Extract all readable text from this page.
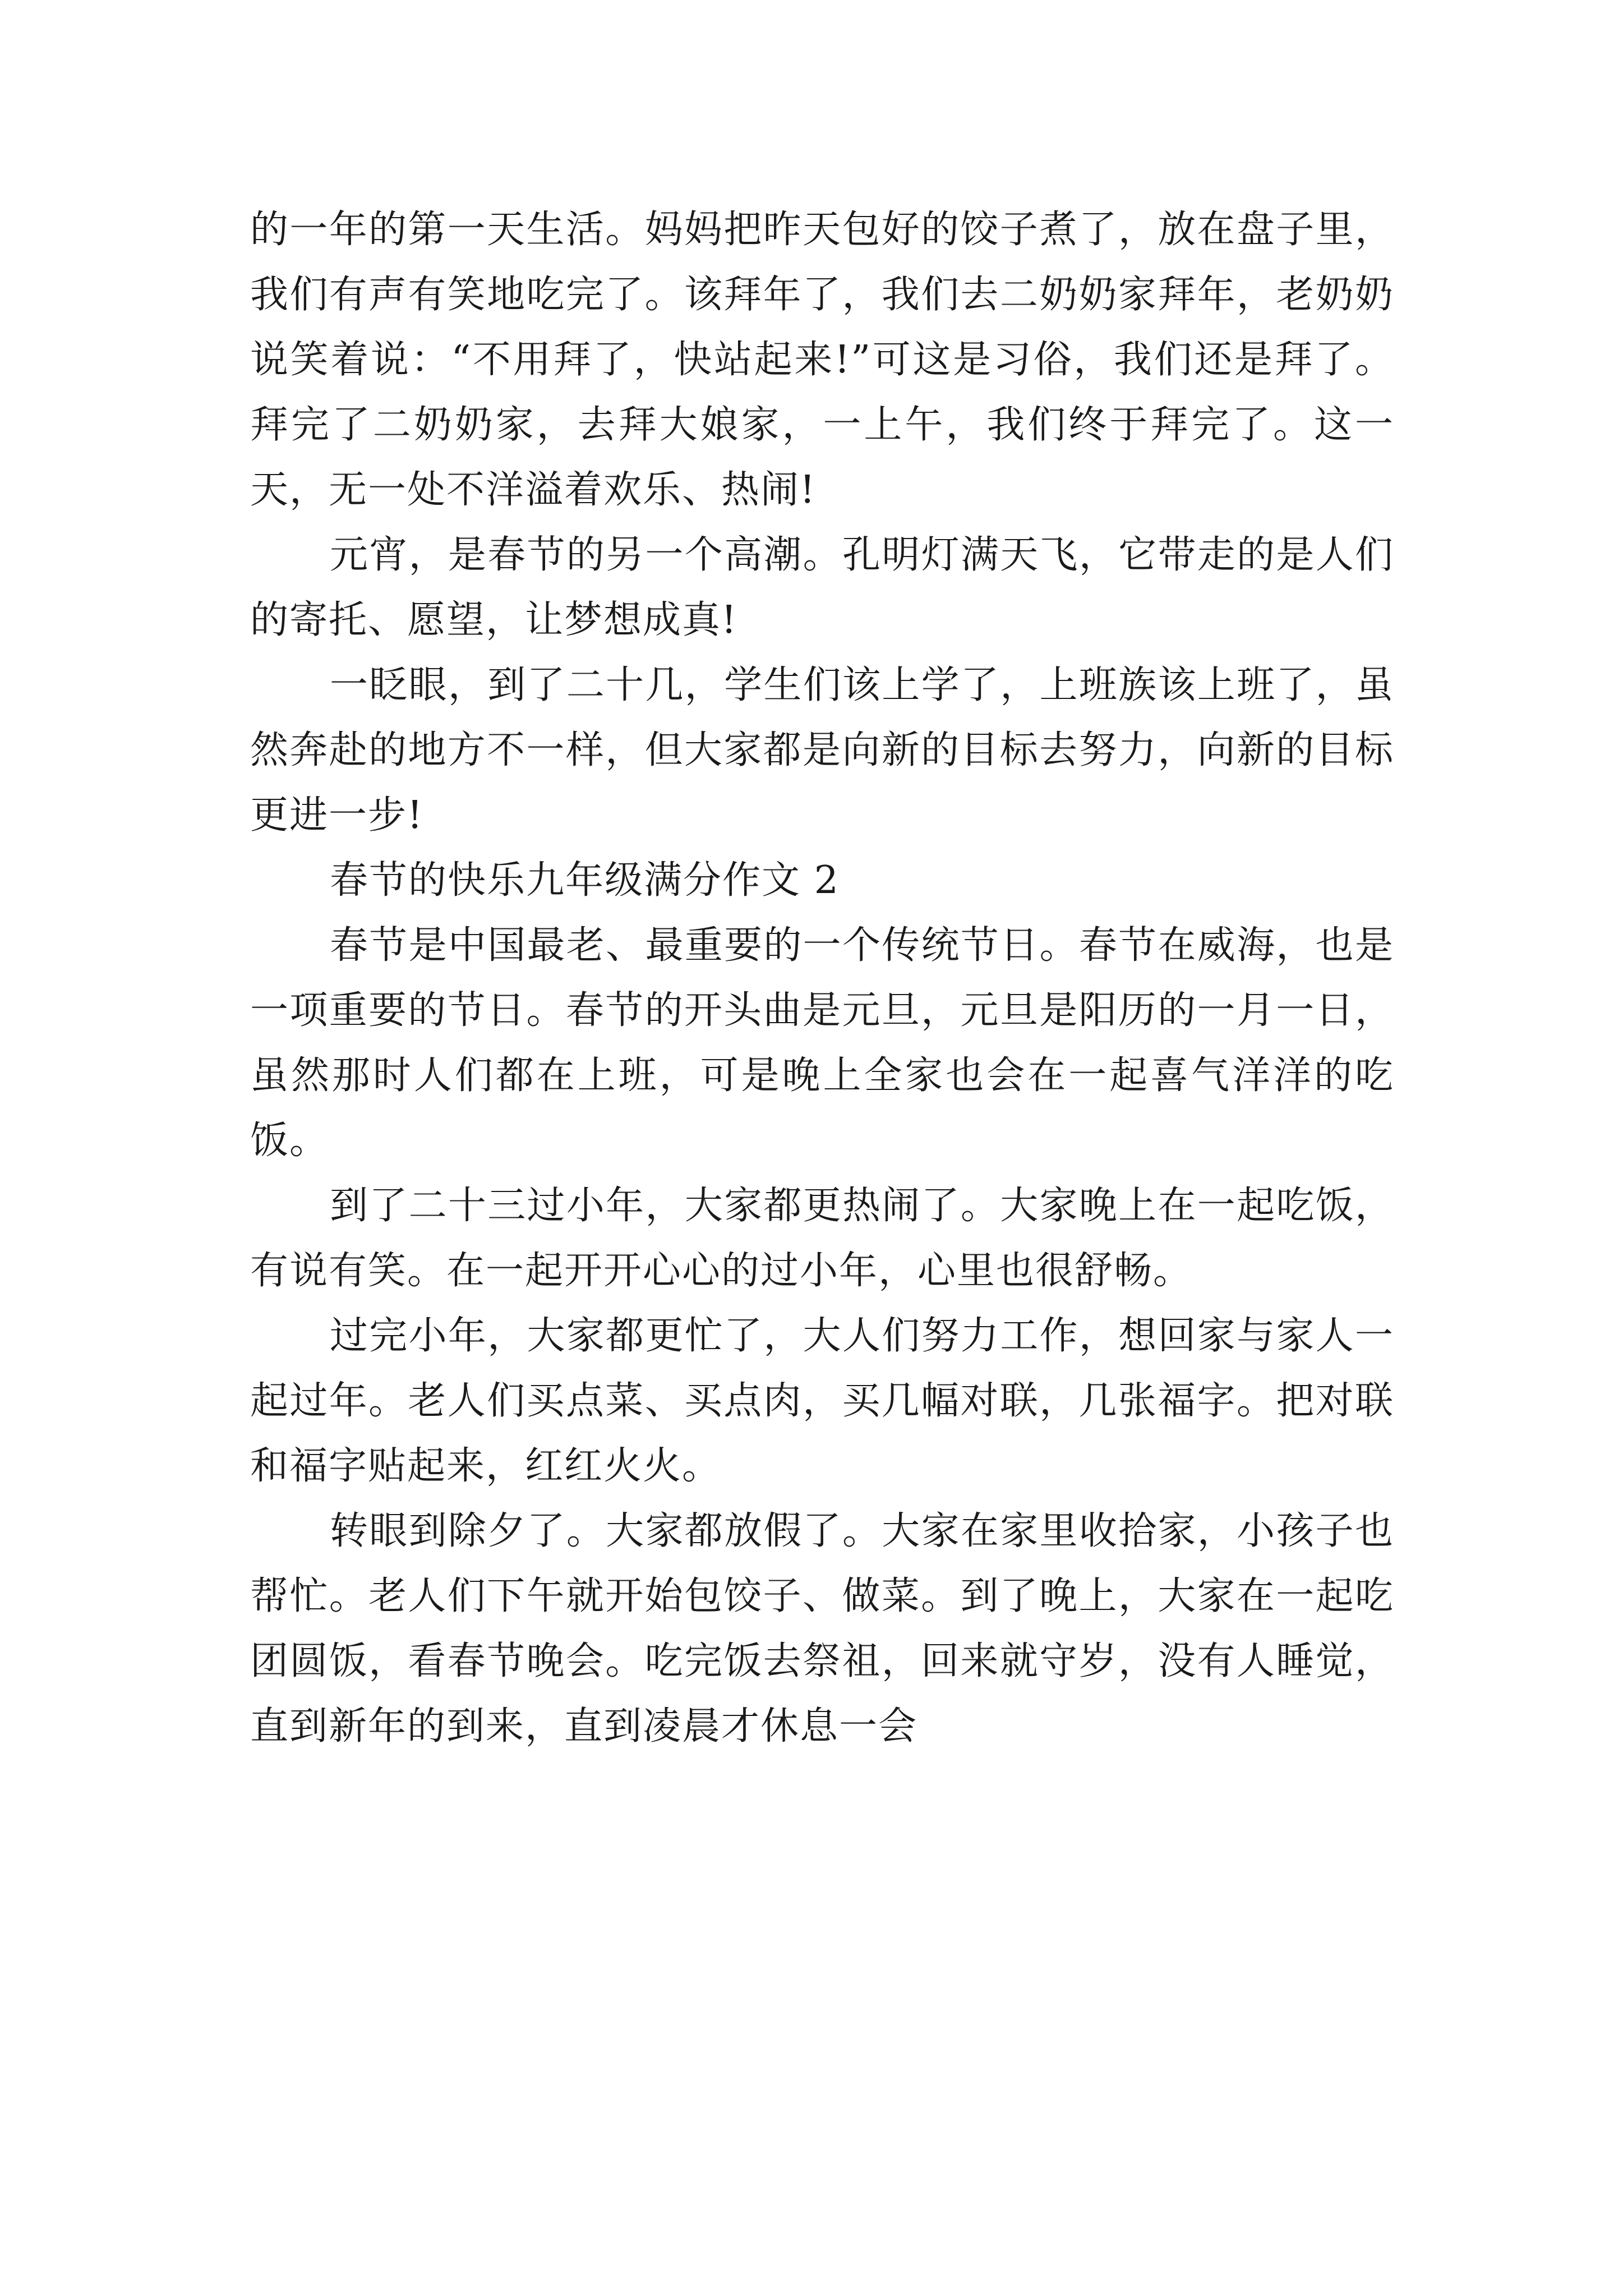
的一年的第一天生活。妈妈把昨天包好的饺子煮了，放在盘子里，我们有声有笑地吃完了。该拜年了，我们去二奶奶家拜年，老奶奶说笑着说：“不用拜了，快站起来!”可这是习俗，我们还是拜了。拜完了二奶奶家，去拜大娘家，一上午，我们终于拜完了。这一天，无一处不洋溢着欢乐、热闹!

元宵，是春节的另一个高潮。孔明灯满天飞，它带走的是人们的寄托、愿望，让梦想成真!

一眨眼，到了二十几，学生们该上学了，上班族该上班了，虽然奔赴的地方不一样，但大家都是向新的目标去努力，向新的目标更进一步!

春节的快乐九年级满分作文 2

春节是中国最老、最重要的一个传统节日。春节在威海，也是一项重要的节日。春节的开头曲是元旦，元旦是阳历的一月一日，虽然那时人们都在上班，可是晚上全家也会在一起喜气洋洋的吃饭。

到了二十三过小年，大家都更热闹了。大家晚上在一起吃饭，有说有笑。在一起开开心心的过小年，心里也很舒畅。

过完小年，大家都更忙了，大人们努力工作，想回家与家人一起过年。老人们买点菜、买点肉，买几幅对联，几张福字。把对联和福字贴起来，红红火火。

转眼到除夕了。大家都放假了。大家在家里收拾家，小孩子也帮忙。老人们下午就开始包饺子、做菜。到了晚上，大家在一起吃团圆饭，看春节晚会。吃完饭去祭祖，回来就守岁，没有人睡觉，直到新年的到来，直到凌晨才休息一会
